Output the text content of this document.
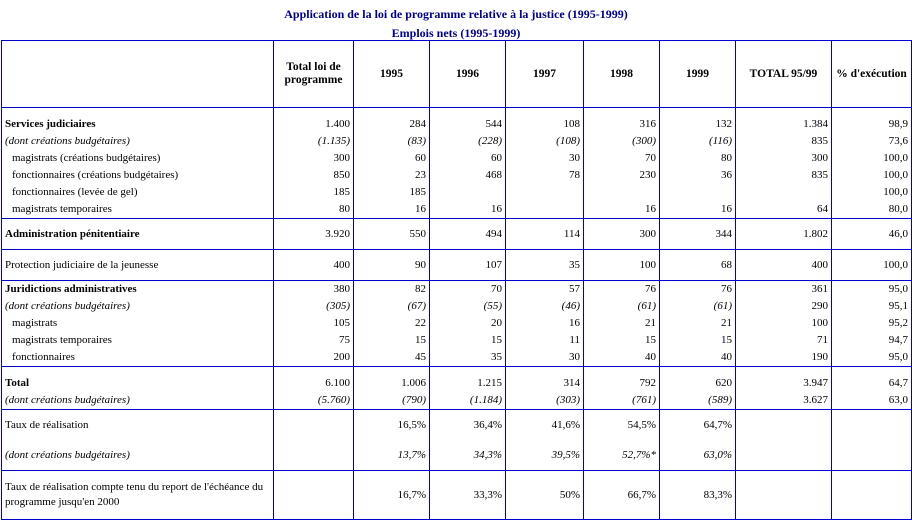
Application de la loi de programme relative à la justice (1995-1999)
Emplois nets (1995-1999)
	Total loi de programme	1995	1996	1997	1998	1999	TOTAL 95/99	% d'exécution
Services judiciaires	1.400	284	544	108	316	132	1.384	98,9
(dont créations budgétaires)	(1.135)	(83)	(228)	(108)	(300)	(116)	835	73,6
magistrats (créations budgétaires)	300	60	60	30	70	80	300	100,0
fonctionnaires (créations budgétaires)	850	23	468	78	230	36	835	100,0
fonctionnaires (levée de gel)	185	185						100,0
magistrats temporaires	80	16	16		16	16	64	80,0
Administration pénitentiaire	3.920	550	494	114	300	344	1.802	46,0
Protection judiciaire de la jeunesse	400	90	107	35	100	68	400	100,0
Juridictions administratives	380	82	70	57	76	76	361	95,0
(dont créations budgétaires)	(305)	(67)	(55)	(46)	(61)	(61)	290	95,1
magistrats	105	22	20	16	21	21	100	95,2
magistrats temporaires	75	15	15	11	15	15	71	94,7
fonctionnaires	200	45	35	30	40	40	190	95,0
Total	6.100	1.006	1.215	314	792	620	3.947	64,7
(dont créations budgétaires)	(5.760)	(790)	(1.184)	(303)	(761)	(589)	3.627	63,0
Taux de réalisation		16,5%	36,4%	41,6%	54,5%	64,7%		
(dont créations budgétaires)		13,7%	34,3%	39,5%	52,7%*	63,0%		
Taux de réalisation compte tenu du report de l'échéance du programme jusqu'en 2000		16,7%	33,3%	50%	66,7%	83,3%		
